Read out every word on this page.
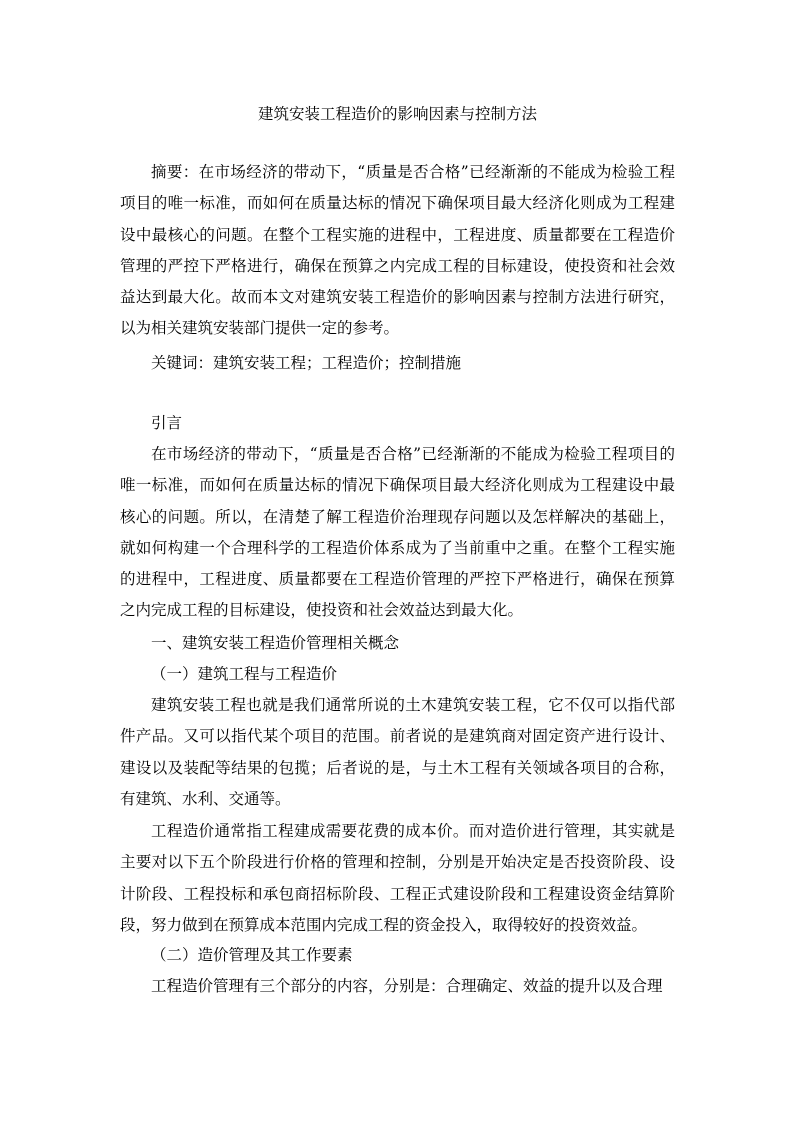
建筑安装工程造价的影响因素与控制方法
摘要：在市场经济的带动下，“质量是否合格”已经渐渐的不能成为检验工程项目的唯一标准，而如何在质量达标的情况下确保项目最大经济化则成为工程建设中最核心的问题。在整个工程实施的进程中，工程进度、质量都要在工程造价管理的严控下严格进行，确保在预算之内完成工程的目标建设，使投资和社会效益达到最大化。故而本文对建筑安装工程造价的影响因素与控制方法进行研究，以为相关建筑安装部门提供一定的参考。
关键词：建筑安装工程；工程造价；控制措施
引言
在市场经济的带动下，“质量是否合格”已经渐渐的不能成为检验工程项目的唯一标准，而如何在质量达标的情况下确保项目最大经济化则成为工程建设中最核心的问题。所以，在清楚了解工程造价治理现存问题以及怎样解决的基础上，就如何构建一个合理科学的工程造价体系成为了当前重中之重。在整个工程实施的进程中，工程进度、质量都要在工程造价管理的严控下严格进行，确保在预算之内完成工程的目标建设，使投资和社会效益达到最大化。
一、建筑安装工程造价管理相关概念
（一）建筑工程与工程造价
建筑安装工程也就是我们通常所说的土木建筑安装工程，它不仅可以指代部件产品。又可以指代某个项目的范围。前者说的是建筑商对固定资产进行设计、建设以及装配等结果的包揽；后者说的是，与土木工程有关领域各项目的合称，有建筑、水利、交通等。
工程造价通常指工程建成需要花费的成本价。而对造价进行管理，其实就是主要对以下五个阶段进行价格的管理和控制，分别是开始决定是否投资阶段、设计阶段、工程投标和承包商招标阶段、工程正式建设阶段和工程建设资金结算阶段，努力做到在预算成本范围内完成工程的资金投入，取得较好的投资效益。
（二）造价管理及其工作要素
工程造价管理有三个部分的内容，分别是：合理确定、效益的提升以及合理
